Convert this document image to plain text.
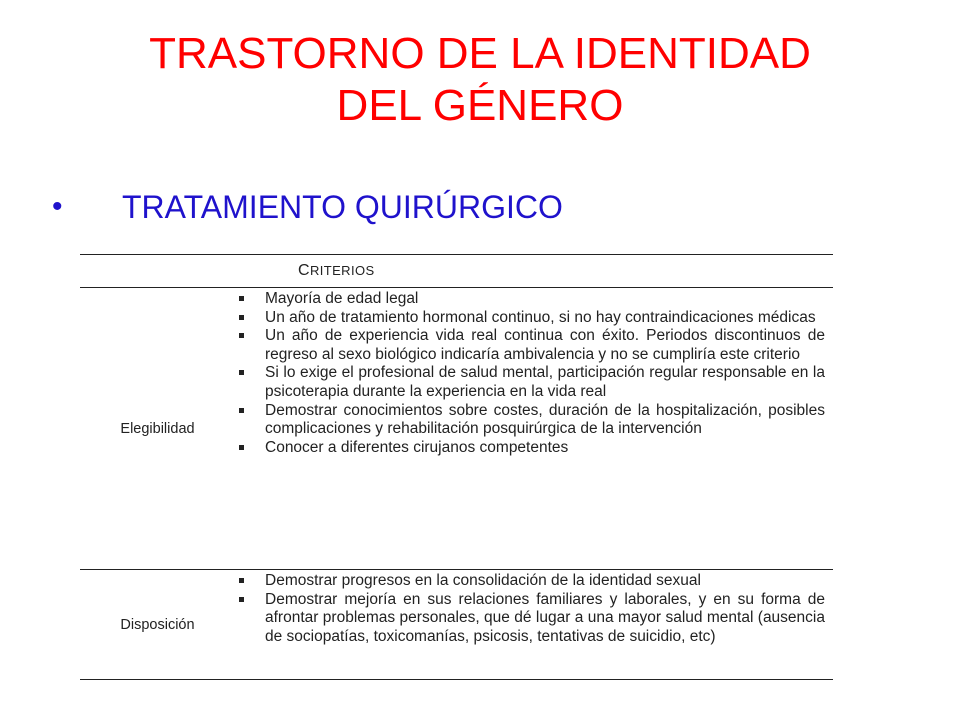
TRASTORNO DE LA IDENTIDAD
DEL GÉNERO
•	TRATAMIENTO QUIRÚRGICO
CRITERIOS
Elegibilidad
Mayoría de edad legal
Un año de tratamiento hormonal continuo, si no hay contraindicaciones médicas
Un año de experiencia vida real continua con éxito. Periodos discontinuos de regreso al sexo biológico indicaría ambivalencia y no se cumpliría este criterio
Si lo exige el profesional de salud mental, participación regular responsable en la psicoterapia durante la experiencia en la vida real
Demostrar conocimientos sobre costes, duración de la hospitalización, posibles complicaciones y rehabilitación posquirúrgica de la intervención
Conocer a diferentes cirujanos competentes
Disposición
Demostrar progresos en la consolidación de la identidad sexual
Demostrar mejoría en sus relaciones familiares y laborales, y en su forma de afrontar problemas personales, que dé lugar a una mayor salud mental (ausencia de sociopatías, toxicomanías, psicosis, tentativas de suicidio, etc)
